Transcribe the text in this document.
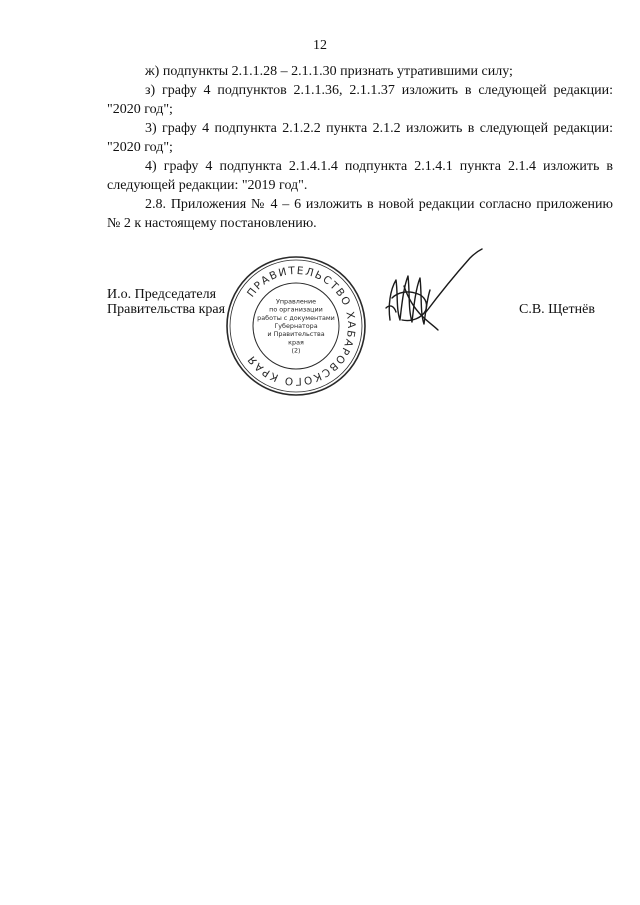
12

ж) подпункты 2.1.1.28 – 2.1.1.30 признать утратившими силу;

з) графу 4 подпунктов 2.1.1.36, 2.1.1.37 изложить в следующей редакции: "2020 год";

3) графу 4 подпункта 2.1.2.2 пункта 2.1.2 изложить в следующей редакции: "2020 год";

4) графу 4 подпункта 2.1.4.1.4 подпункта 2.1.4.1 пункта 2.1.4 изложить в следующей редакции: "2019 год".

2.8. Приложения № 4 – 6 изложить в новой редакции согласно приложению № 2 к настоящему постановлению.

И.о. Председателя
Правительства края	С.В. Щетнёв
ПРАВИТЕЛЬСТВО ХАБАРОВСКОГО КРАЯ
Управление
по организации
работы с документами
Губернатора
и Правительства
края
(2)
